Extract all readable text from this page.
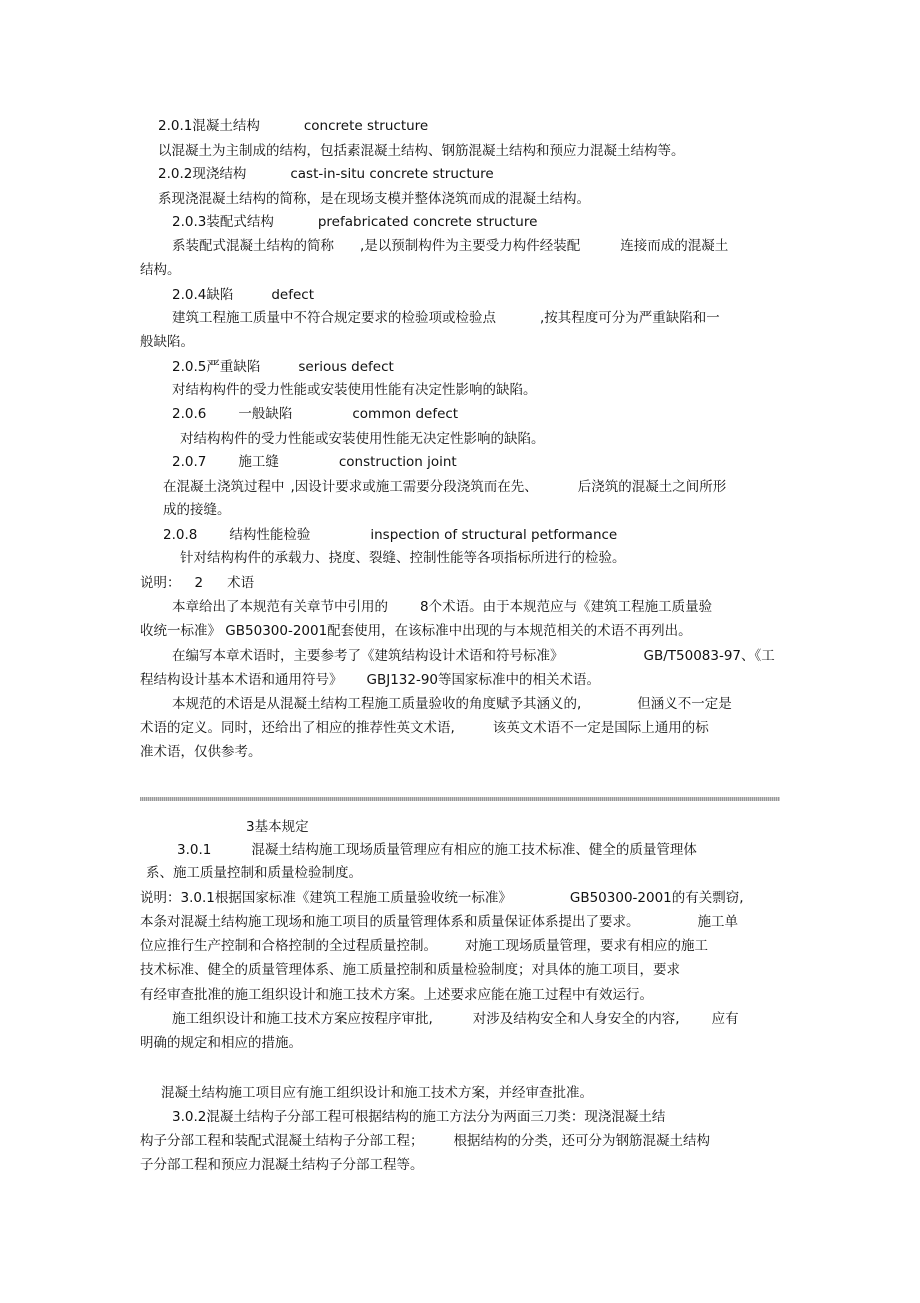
2.0.1混凝土结构	concrete structure
以混凝土为主制成的结构，包括素混凝土结构、钢筋混凝土结构和预应力混凝土结构等。
2.0.2现浇结构	cast-in-situ concrete structure
系现浇混凝土结构的简称，是在现场支模并整体浇筑而成的混凝土结构。
2.0.3装配式结构	prefabricated concrete structure
系装配式混凝土结构的简称 ,是以预制构件为主要受力构件经装配	连接而成的混凝土
结构。
2.0.4缺陷	defect
建筑工程施工质量中不符合规定要求的检验项或检验点	,按其程度可分为严重缺陷和一
般缺陷。
2.0.5严重缺陷	serious defect
对结构构件的受力性能或安装使用性能有决定性影响的缺陷。
2.0.6 一般缺陷	common defect
对结构构件的受力性能或安装使用性能无决定性影响的缺陷。
2.0.7 施工缝	construction joint
在混凝土浇筑过程中 ,因设计要求或施工需要分段浇筑而在先、	后浇筑的混凝土之间所形
成的接缝。
2.0.8 结构性能检验	inspection of structural petformance
针对结构构件的承载力、挠度、裂缝、控制性能等各项指标所进行的检验。
说明： 2 术语
本章给出了本规范有关章节中引用的 8个术语。由于本规范应与《建筑工程施工质量验
收统一标准》 GB50300-2001配套使用，在该标准中出现的与本规范相关的术语不再列出。
在编写本章术语时，主要参考了《建筑结构设计术语和符号标准》	GB/T50083-97、《工
程结构设计基本术语和通用符号》 GBJ132-90等国家标准中的相关术语。
本规范的术语是从混凝土结构工程施工质量验收的角度赋予其涵义的,	但涵义不一定是
术语的定义。同时，还给出了相应的推荐性英文术语,	该英文术语不一定是国际上通用的标
准术语，仅供参考。
3基本规定
3.0.1	混凝土结构施工现场质量管理应有相应的施工技术标准、健全的质量管理体
系、施工质量控制和质量检验制度。
说明：3.0.1根据国家标准《建筑工程施工质量验收统一标准》	GB50300-2001的有关剽窃,
本条对混凝土结构施工现场和施工项目的质量管理体系和质量保证体系提出了要求。	施工单
位应推行生产控制和合格控制的全过程质量控制。 对施工现场质量管理，要求有相应的施工
技术标准、健全的质量管理体系、施工质量控制和质量检验制度；对具体的施工项目，要求
有经审查批准的施工组织设计和施工技术方案。上述要求应能在施工过程中有效运行。
施工组织设计和施工技术方案应按程序审批,	对涉及结构安全和人身安全的内容, 应有
明确的规定和相应的措施。
混凝土结构施工项目应有施工组织设计和施工技术方案，并经审查批准。
3.0.2混凝土结构子分部工程可根据结构的施工方法分为两面三刀类：现浇混凝土结
构子分部工程和装配式混凝土结构子分部工程； 根据结构的分类，还可分为钢筋混凝土结构
子分部工程和预应力混凝土结构子分部工程等。
